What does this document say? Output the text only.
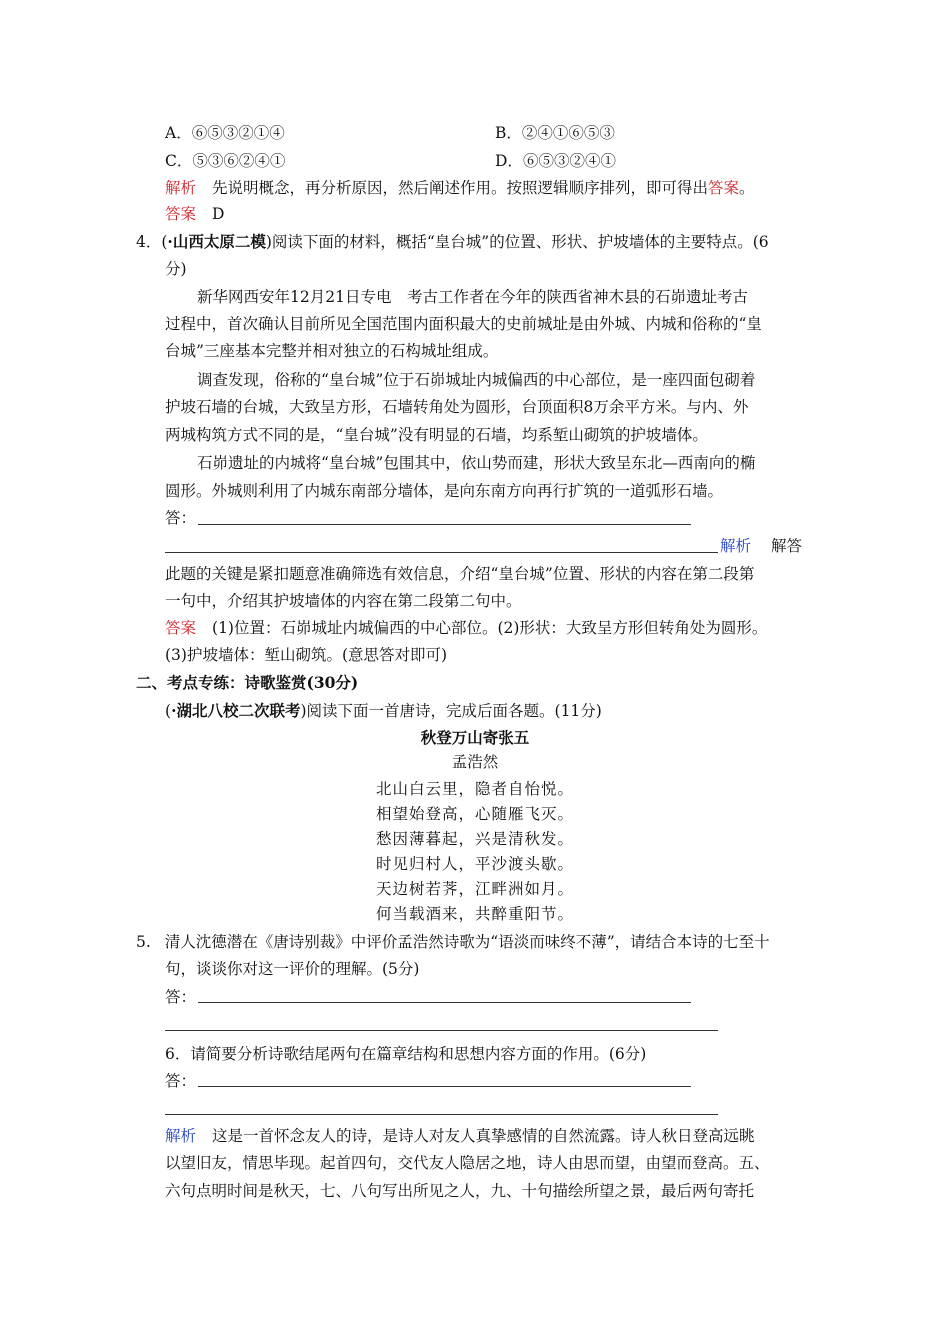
A．⑥⑤③②①④	B．②④①⑥⑤③
C．⑤③⑥②④①	D．⑥⑤③②④①
解析 先说明概念，再分析原因，然后阐述作用。按照逻辑顺序排列，即可得出答案。
答案 D
4．(·山西太原二模)阅读下面的材料，概括“皇台城”的位置、形状、护坡墙体的主要特点。(6
分)
新华网西安年12月21日专电　考古工作者在今年的陕西省神木县的石峁遗址考古
过程中，首次确认目前所见全国范围内面积最大的史前城址是由外城、内城和俗称的“皇
台城”三座基本完整并相对独立的石构城址组成。
调查发现，俗称的“皇台城”位于石峁城址内城偏西的中心部位，是一座四面包砌着
护坡石墙的台城，大致呈方形，石墙转角处为圆形，台顶面积8万余平方米。与内、外
两城构筑方式不同的是，“皇台城”没有明显的石墙，均系堑山砌筑的护坡墙体。
石峁遗址的内城将“皇台城”包围其中，依山势而建，形状大致呈东北—西南向的椭
圆形。外城则利用了内城东南部分墙体，是向东南方向再行扩筑的一道弧形石墙。
答：
解析 解答
此题的关键是紧扣题意准确筛选有效信息，介绍“皇台城”位置、形状的内容在第二段第
一句中，介绍其护坡墙体的内容在第二段第二句中。
答案 (1)位置：石峁城址内城偏西的中心部位。(2)形状：大致呈方形但转角处为圆形。
(3)护坡墙体：堑山砌筑。(意思答对即可)
二、考点专练：诗歌鉴赏(30分)
(·湖北八校二次联考)阅读下面一首唐诗，完成后面各题。(11分)
秋登万山寄张五
孟浩然
北山白云里，隐者自怡悦。
相望始登高，心随雁飞灭。
愁因薄暮起，兴是清秋发。
时见归村人，平沙渡头歇。
天边树若荠，江畔洲如月。
何当载酒来，共醉重阳节。
5. 清人沈德潜在《唐诗别裁》中评价孟浩然诗歌为“语淡而味终不薄”，请结合本诗的七至十
句，谈谈你对这一评价的理解。(5分)
答：
6．请简要分析诗歌结尾两句在篇章结构和思想内容方面的作用。(6分)
答：
解析 这是一首怀念友人的诗，是诗人对友人真挚感情的自然流露。诗人秋日登高远眺
以望旧友，情思毕现。起首四句，交代友人隐居之地，诗人由思而望，由望而登高。五、
六句点明时间是秋天，七、八句写出所见之人，九、十句描绘所望之景，最后两句寄托
